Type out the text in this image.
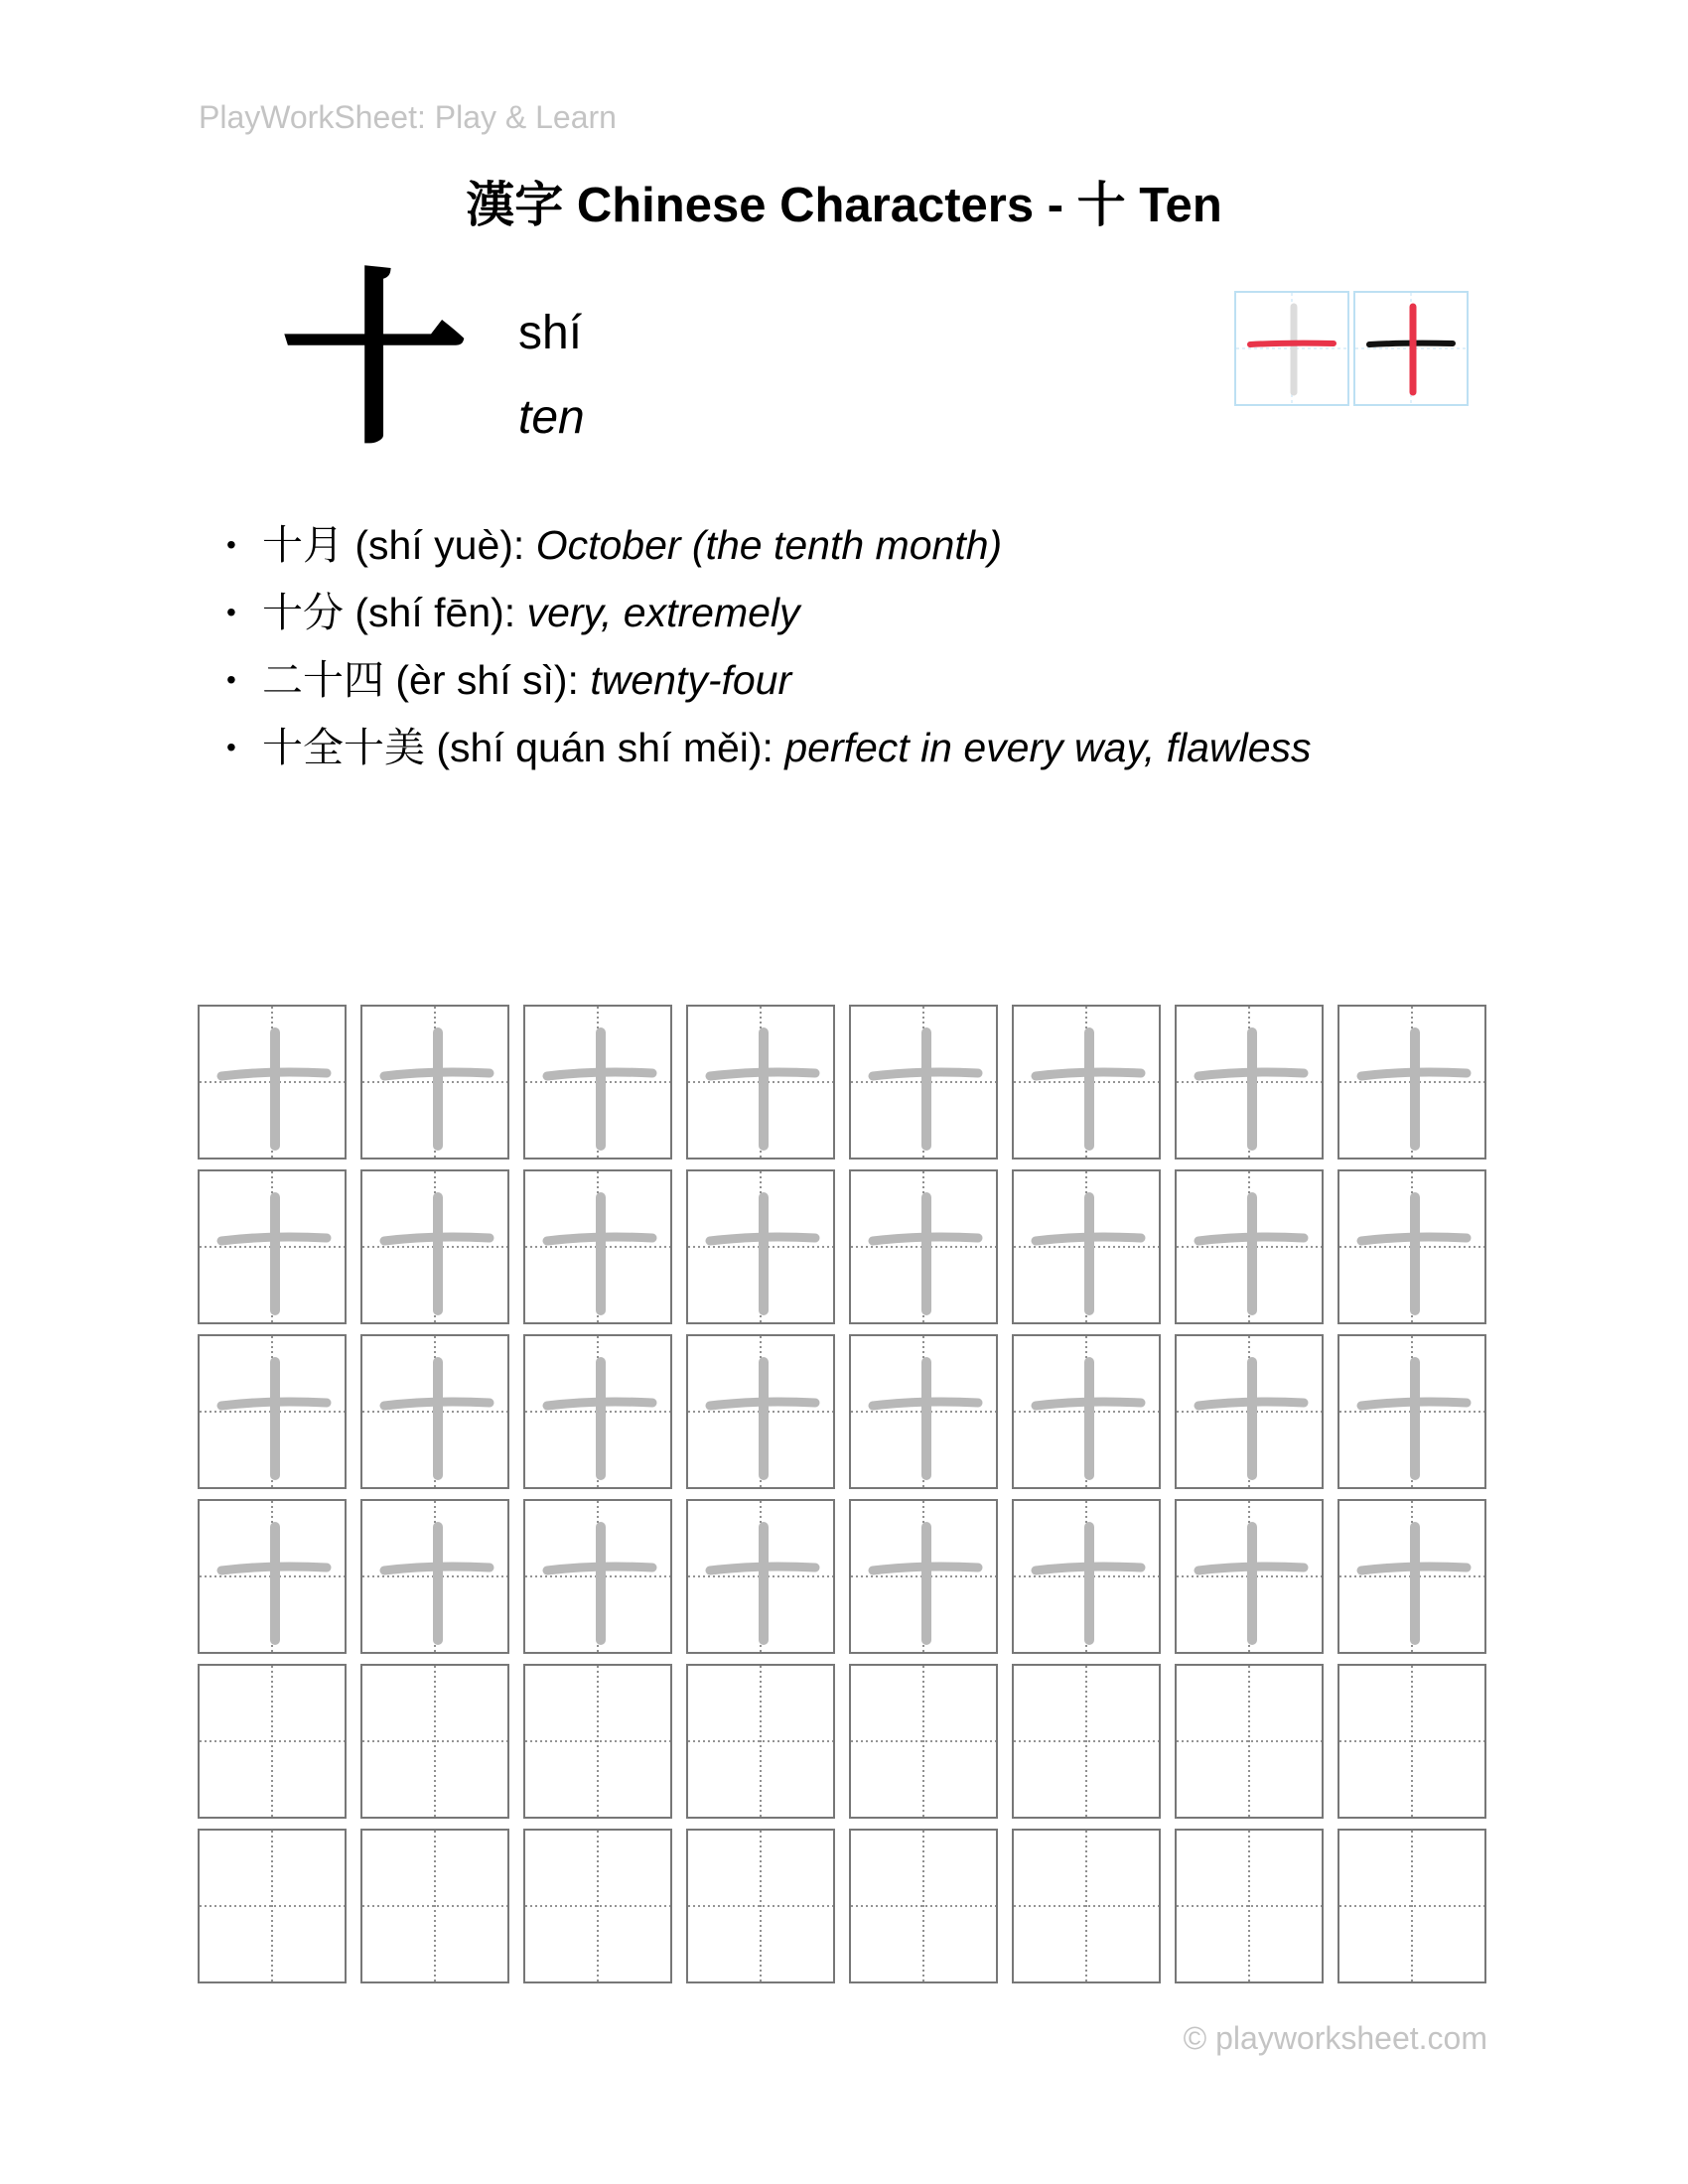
PlayWorkSheet: Play & Learn
漢字 Chinese Characters - 十 Ten
十 shí
ten
• 十月 (shí yuè): October (the tenth month)
• 十分 (shí fēn): very, extremely
• 二十四 (èr shí sì): twenty-four
• 十全十美 (shí quán shí měi): perfect in every way, flawless
© playworksheet.com
